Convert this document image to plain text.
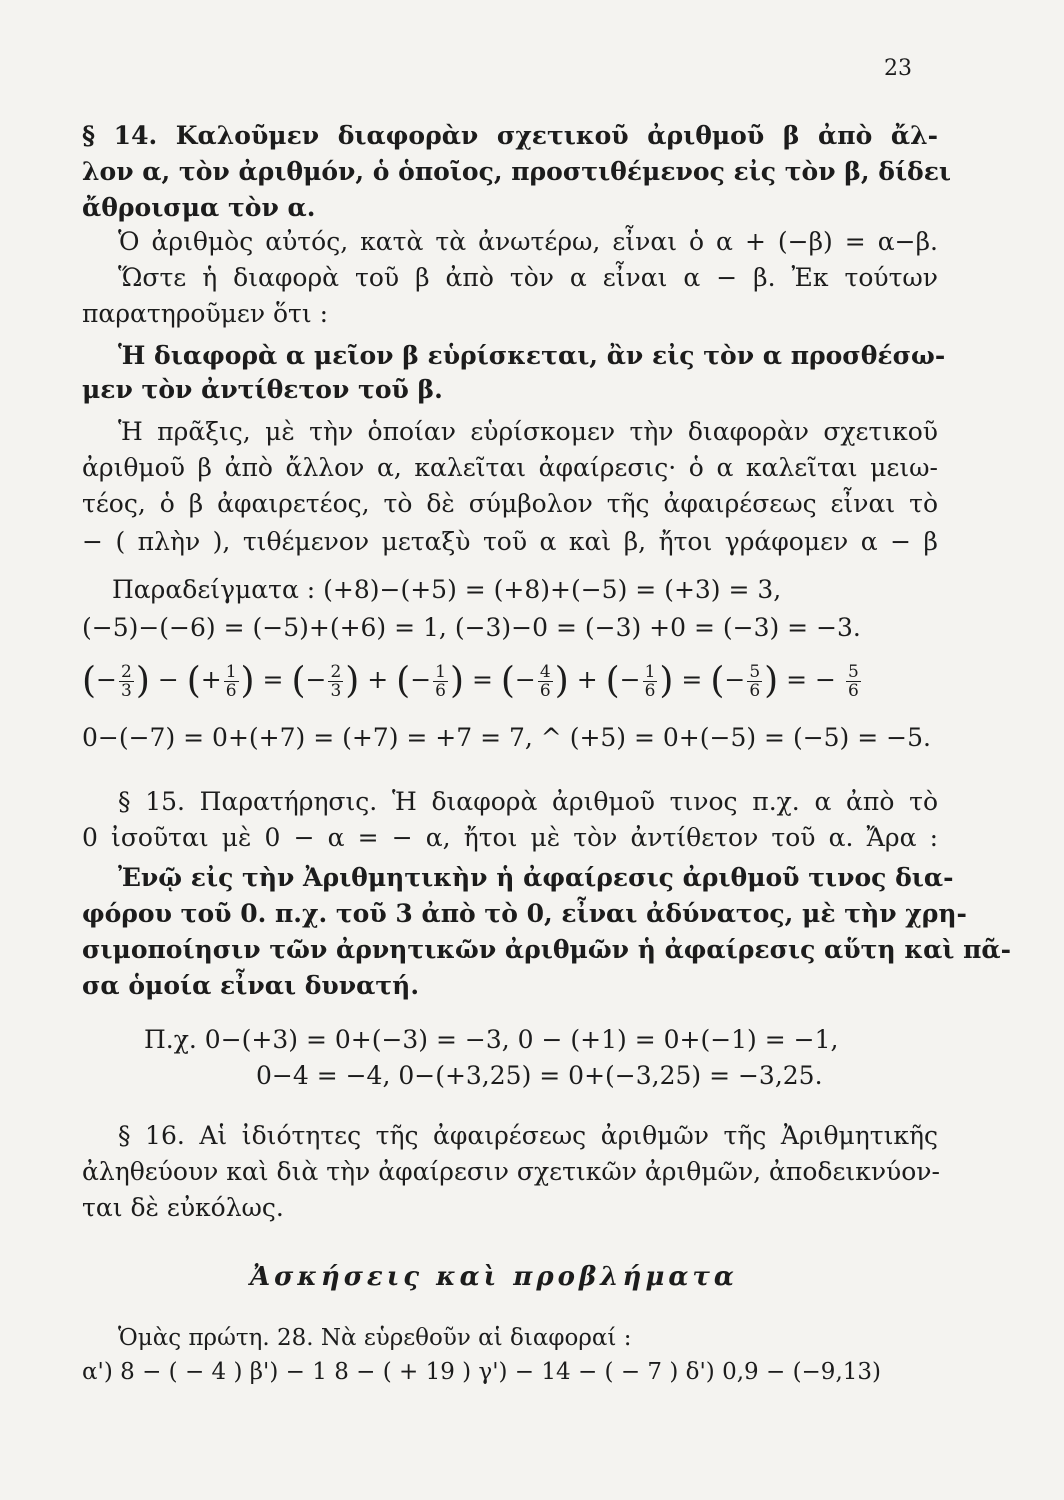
23
§ 14. Καλοῦμεν διαφορὰν σχετικοῦ ἀριθμοῦ β ἀπὸ ἄλ-
λον α, τὸν ἀριθμόν, ὁ ὁποῖος, προστιθέμενος εἰς τὸν β, δίδει
ἄθροισμα τὸν α.
Ὁ ἀριθμὸς αὐτός, κατὰ τὰ ἀνωτέρω, εἶναι ὁ α + (−β) = α−β.
Ὥστε ἡ διαφορὰ τοῦ β ἀπὸ τὸν α εἶναι α − β. Ἐκ τούτων
παρατηροῦμεν ὅτι :
Ἡ διαφορὰ α μεῖον β εὑρίσκεται, ἂν εἰς τὸν α προσθέσω-
μεν τὸν ἀντίθετον τοῦ β.
Ἡ πρᾶξις, μὲ τὴν ὁποίαν εὑρίσκομεν τὴν διαφορὰν σχετικοῦ
ἀριθμοῦ β ἀπὸ ἄλλον α, καλεῖται ἀφαίρεσις· ὁ α καλεῖται μειω-
τέος, ὁ β ἀφαιρετέος, τὸ δὲ σύμβολον τῆς ἀφαιρέσεως εἶναι τὸ
− ( πλὴν ), τιθέμενον μεταξὺ τοῦ α καὶ β, ἤτοι γράφομεν α − β
Παραδείγματα : (+8)−(+5) = (+8)+(−5) = (+3) = 3,
(−5)−(−6) = (−5)+(+6) = 1, (−3)−0 = (−3) +0 = (−3) = −3.
(− $\frac{2}{3}$ ) − (+ $\frac{1}{6}$ ) = (− $\frac{2}{3}$ ) + (− $\frac{1}{6}$ ) = (− $\frac{4}{6}$ ) + (− $\frac{1}{6}$ ) = (− $\frac{5}{6}$ ) = − $\frac{5}{6}$
0−(−7) = 0+(+7) = (+7) = +7 = 7, ^ (+5) = 0+(−5) = (−5) = −5.
§ 15. Παρατήρησις. Ἡ διαφορὰ ἀριθμοῦ τινος π.χ. α ἀπὸ τὸ
0 ἰσοῦται μὲ 0 − α = − α, ἤτοι μὲ τὸν ἀντίθετον τοῦ α. Ἄρα :
Ἐνῷ εἰς τὴν Ἀριθμητικὴν ἡ ἀφαίρεσις ἀριθμοῦ τινος δια-
φόρου τοῦ 0. π.χ. τοῦ 3 ἀπὸ τὸ 0, εἶναι ἀδύνατος, μὲ τὴν χρη-
σιμοποίησιν τῶν ἀρνητικῶν ἀριθμῶν ἡ ἀφαίρεσις αὕτη καὶ πᾶ-
σα ὁμοία εἶναι δυνατή.
Π.χ. 0−(+3) = 0+(−3) = −3, 0 − (+1) = 0+(−1) = −1,
0−4 = −4, 0−(+3,25) = 0+(−3,25) = −3,25.
§ 16. Αἱ ἰδιότητες τῆς ἀφαιρέσεως ἀριθμῶν τῆς Ἀριθμητικῆς
ἀληθεύουν καὶ διὰ τὴν ἀφαίρεσιν σχετικῶν ἀριθμῶν, ἀποδεικνύον-
ται δὲ εὐκόλως.
Ἀσκήσεις καὶ προβλήματα
Ὁμὰς πρώτη. 28. Νὰ εὑρεθοῦν αἱ διαφοραί :
α') 8 − ( − 4 ) β') − 1 8 − ( + 19 ) γ') − 14 − ( − 7 ) δ') 0,9 − (−9,13)
